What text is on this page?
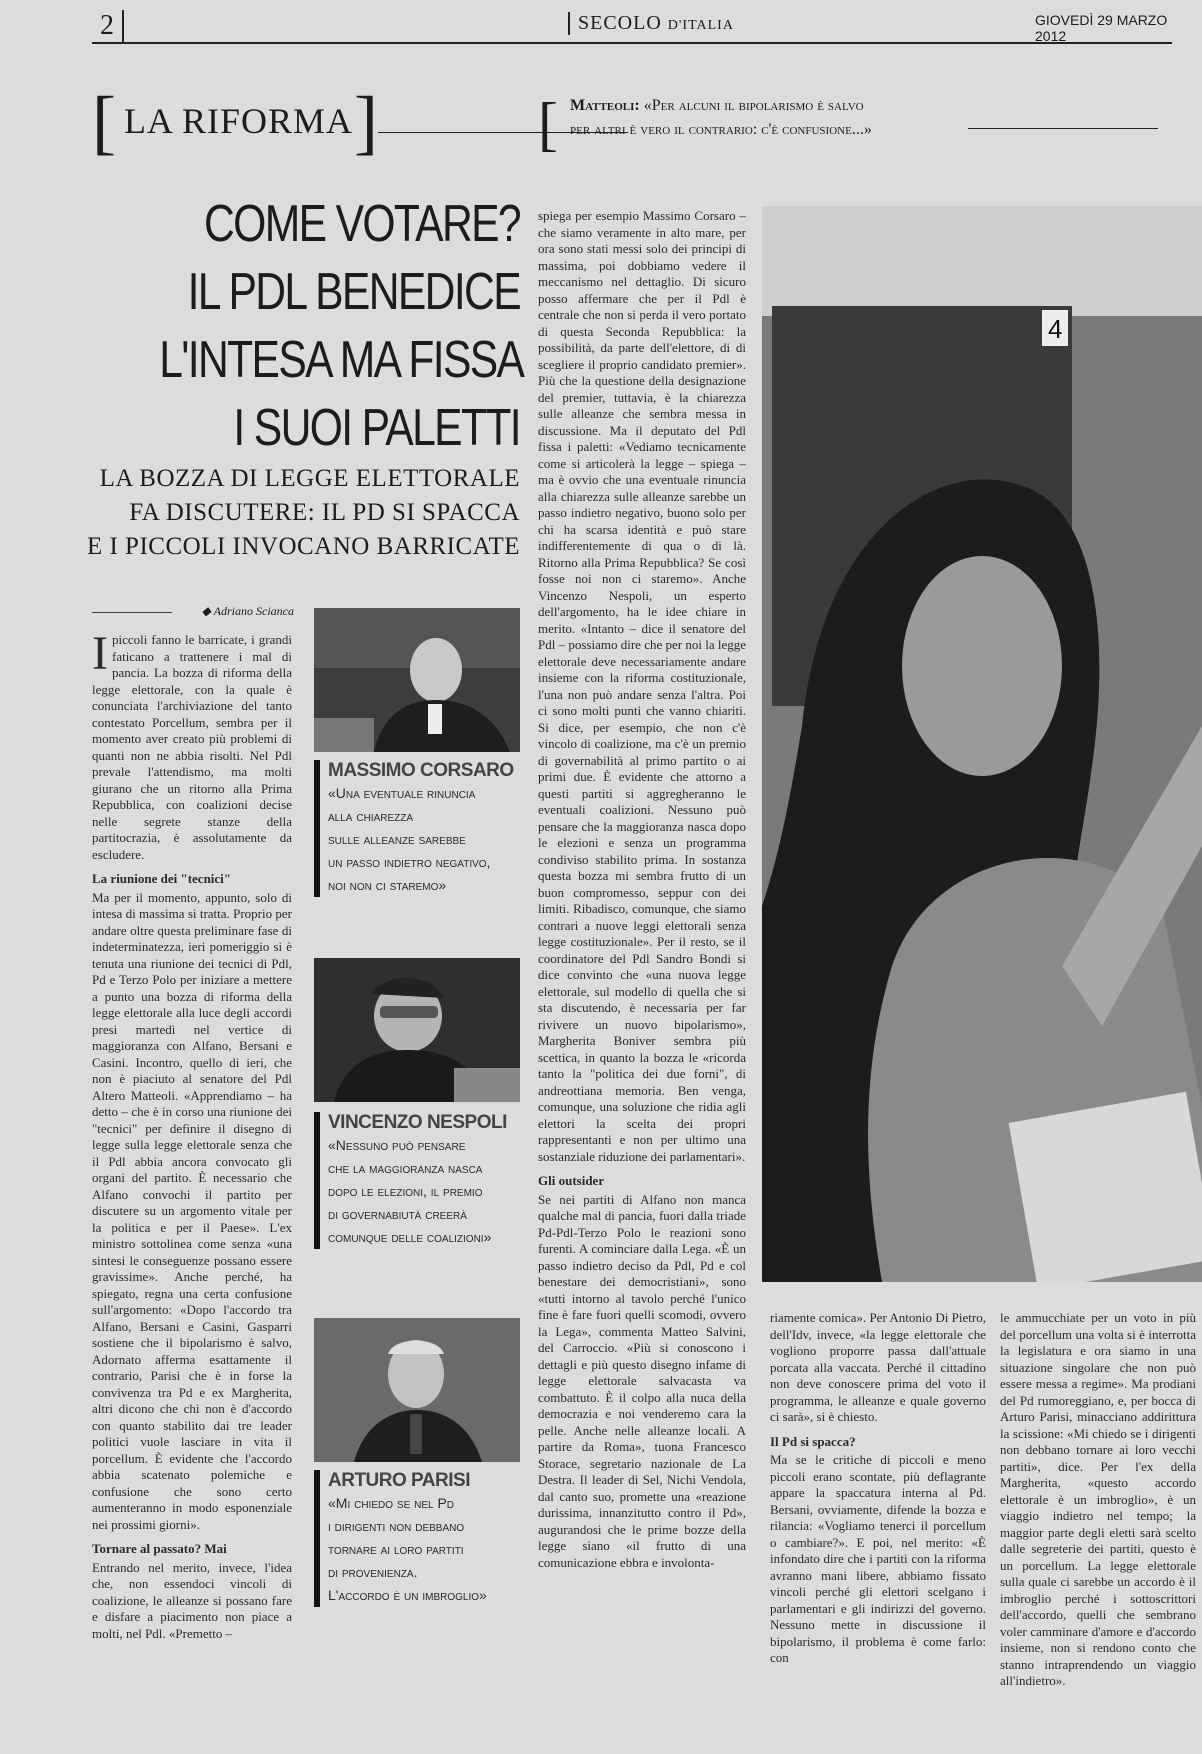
2	SECOLO D'ITALIA	GIOVEDÌ 29 MARZO 2012
[ LA RIFORMA ]	[ Matteoli: «Per alcuni il bipolarismo è salvo
per altri è vero il contrario: c'è confusione...»
COME VOTARE?
IL PDL BENEDICE
L'INTESA MA FISSA
I SUOI PALETTI
LA BOZZA DI LEGGE ELETTORALE
FA DISCUTERE: IL PD SI SPACCA
E I PICCOLI INVOCANO BARRICATE
◆ Adriano Scianca

Ipiccoli fanno le barricate, i grandi faticano a trattenere i mal di pancia. La bozza di riforma della legge elettorale, con la quale è conunciata l'archiviazione del tanto contestato Porcellum, sembra per il momento aver creato più problemi di quanti non ne abbia risolti. Nel Pdl prevale l'attendismo, ma molti giurano che un ritorno alla Prima Repubblica, con coalizioni decise nelle segrete stanze della partitocrazia, è assolutamente da escludere.

La riunione dei "tecnici"

Ma per il momento, appunto, solo di intesa di massima si tratta. Proprio per andare oltre questa preliminare fase di indeterminatezza, ieri pomeriggio si è tenuta una riunione dei tecnici di Pdl, Pd e Terzo Polo per iniziare a mettere a punto una bozza di riforma della legge elettorale alla luce degli accordi presi martedì nel vertice di maggioranza con Alfano, Bersani e Casini. Incontro, quello di ieri, che non è piaciuto al senatore del Pdl Altero Matteoli. «Apprendiamo – ha detto – che è in corso una riunione dei "tecnici" per definire il disegno di legge sulla legge elettorale senza che il Pdl abbia ancora convocato gli organi del partito. È necessario che Alfano convochi il partito per discutere su un argomento vitale per la politica e per il Paese». L'ex ministro sottolinea come senza «una sintesi le conseguenze possano essere gravissime». Anche perché, ha spiegato, regna una certa confusione sull'argomento: «Dopo l'accordo tra Alfano, Bersani e Casini, Gasparri sostiene che il bipolarismo è salvo, Adornato afferma esattamente il contrario, Parisi che è in forse la convivenza tra Pd e ex Margherita, altri dicono che chi non è d'accordo con quanto stabilito dai tre leader politici vuole lasciare in vita il porcellum. È evidente che l'accordo abbia scatenato polemiche e confusione che sono certo aumenteranno in modo esponenziale nei prossimi giorni».

Tornare al passato? Mai

Entrando nel merito, invece, l'idea che, non essendoci vincoli di coalizione, le alleanze si possano fare e disfare a piacimento non piace a molti, nel Pdl. «Premetto –

MASSIMO CORSARO
«Una eventuale rinuncia
alla chiarezza
sulle alleanze sarebbe
un passo indietro negativo,
noi non ci staremo»
VINCENZO NESPOLI
«Nessuno può pensare
che la maggioranza nasca
dopo le elezioni, il premio
di governabiutà creerà
comunque delle coalizioni»
ARTURO PARISI
«Mi chiedo se nel Pd
i dirigenti non debbano
tornare ai loro partiti
di provenienza.
L'accordo è un imbroglio»

spiega per esempio Massimo Corsaro – che siamo veramente in alto mare, per ora sono stati messi solo dei principi di massima, poi dobbiamo vedere il meccanismo nel dettaglio. Di sicuro posso affermare che per il Pdl è centrale che non si perda il vero portato di questa Seconda Repubblica: la possibilità, da parte dell'elettore, di di scegliere il proprio candidato premier». Più che la questione della designazione del premier, tuttavia, è la chiarezza sulle alleanze che sembra messa in discussione. Ma il deputato del Pdl fissa i paletti: «Vediamo tecnicamente come si articolerà la legge – spiega – ma è ovvio che una eventuale rinuncia alla chiarezza sulle alleanze sarebbe un passo indietro negativo, buono solo per chi ha scarsa identità e può stare indifferentemente di qua o di là. Ritorno alla Prima Repubblica? Se così fosse noi non ci staremo». Anche Vincenzo Nespoli, un esperto dell'argomento, ha le idee chiare in merito. «Intanto – dice il senatore del Pdl – possiamo dire che per noi la legge elettorale deve necessariamente andare insieme con la riforma costituzionale, l'una non può andare senza l'altra. Poi ci sono molti punti che vanno chiariti. Si dice, per esempio, che non c'è vincolo di coalizione, ma c'è un premio di governabilità al primo partito o ai primi due. È evidente che attorno a questi partiti si aggregheranno le eventuali coalizioni. Nessuno può pensare che la maggioranza nasca dopo le elezioni e senza un programma condiviso stabilito prima. In sostanza questa bozza mi sembra frutto di un buon compromesso, seppur con dei limiti. Ribadisco, comunque, che siamo contrari a nuove leggi elettorali senza legge costituzionale». Per il resto, se il coordinatore del Pdl Sandro Bondi si dice convinto che «una nuova legge elettorale, sul modello di quella che si sta discutendo, è necessaria per far rivivere un nuovo bipolarismo», Margherita Boniver sembra più scettica, in quanto la bozza le «ricorda tanto la "politica dei due forni", di andreottiana memoria. Ben venga, comunque, una soluzione che ridia agli elettori la scelta dei propri rappresentanti e non per ultimo una sostanziale riduzione dei parlamentari».

Gli outsider

Se nei partiti di Alfano non manca qualche mal di pancia, fuori dalla triade Pd-Pdl-Terzo Polo le reazioni sono furenti. A cominciare dalla Lega. «È un passo indietro deciso da Pdl, Pd e col benestare dei democristiani», sono «tutti intorno al tavolo perché l'unico fine è fare fuori quelli scomodi, ovvero la Lega», commenta Matteo Salvini, del Carroccio. «Più si conoscono i dettagli e più questo disegno infame di legge elettorale salvacasta va combattuto. È il colpo alla nuca della democrazia e noi venderemo cara la pelle. Anche nelle alleanze locali. A partire da Roma», tuona Francesco Storace, segretario nazionale de La Destra. Il leader di Sel, Nichi Vendola, dal canto suo, promette una «reazione durissima, innanzitutto contro il Pd», augurandosi che le prime bozze della legge siano «il frutto di una comunicazione ebbra e involonta-

4

riamente comica». Per Antonio Di Pietro, dell'Idv, invece, «la legge elettorale che vogliono proporre passa dall'attuale porcata alla vaccata. Perché il cittadino non deve conoscere prima del voto il programma, le alleanze e quale governo ci sarà», si è chiesto.

Il Pd si spacca?

Ma se le critiche di piccoli e meno piccoli erano scontate, più deflagrante appare la spaccatura interna al Pd. Bersani, ovviamente, difende la bozza e rilancia: «Vogliamo tenerci il porcellum o cambiare?». E poi, nel merito: «È infondato dire che i partiti con la riforma avranno mani libere, abbiamo fissato vincoli perché gli elettori scelgano i parlamentari e gli indirizzi del governo. Nessuno mette in discussione il bipolarismo, il problema è come farlo: con

le ammucchiate per un voto in più del porcellum una volta si è interrotta la legislatura e ora siamo in una situazione singolare che non può essere messa a regime». Ma prodiani del Pd rumoreggiano, e, per bocca di Arturo Parisi, minacciano addirittura la scissione: «Mi chiedo se i dirigenti non debbano tornare ai loro vecchi partiti», dice. Per l'ex della Margherita, «questo accordo elettorale è un imbroglio», è un viaggio indietro nel tempo; la maggior parte degli eletti sarà scelto dalle segreterie dei partiti, questo è un porcellum. La legge elettorale sulla quale ci sarebbe un accordo è il imbroglio perché i sottoscrittori dell'accordo, quelli che sembrano voler camminare d'amore e d'accordo insieme, non si rendono conto che stanno intraprendendo un viaggio all'indietro».
